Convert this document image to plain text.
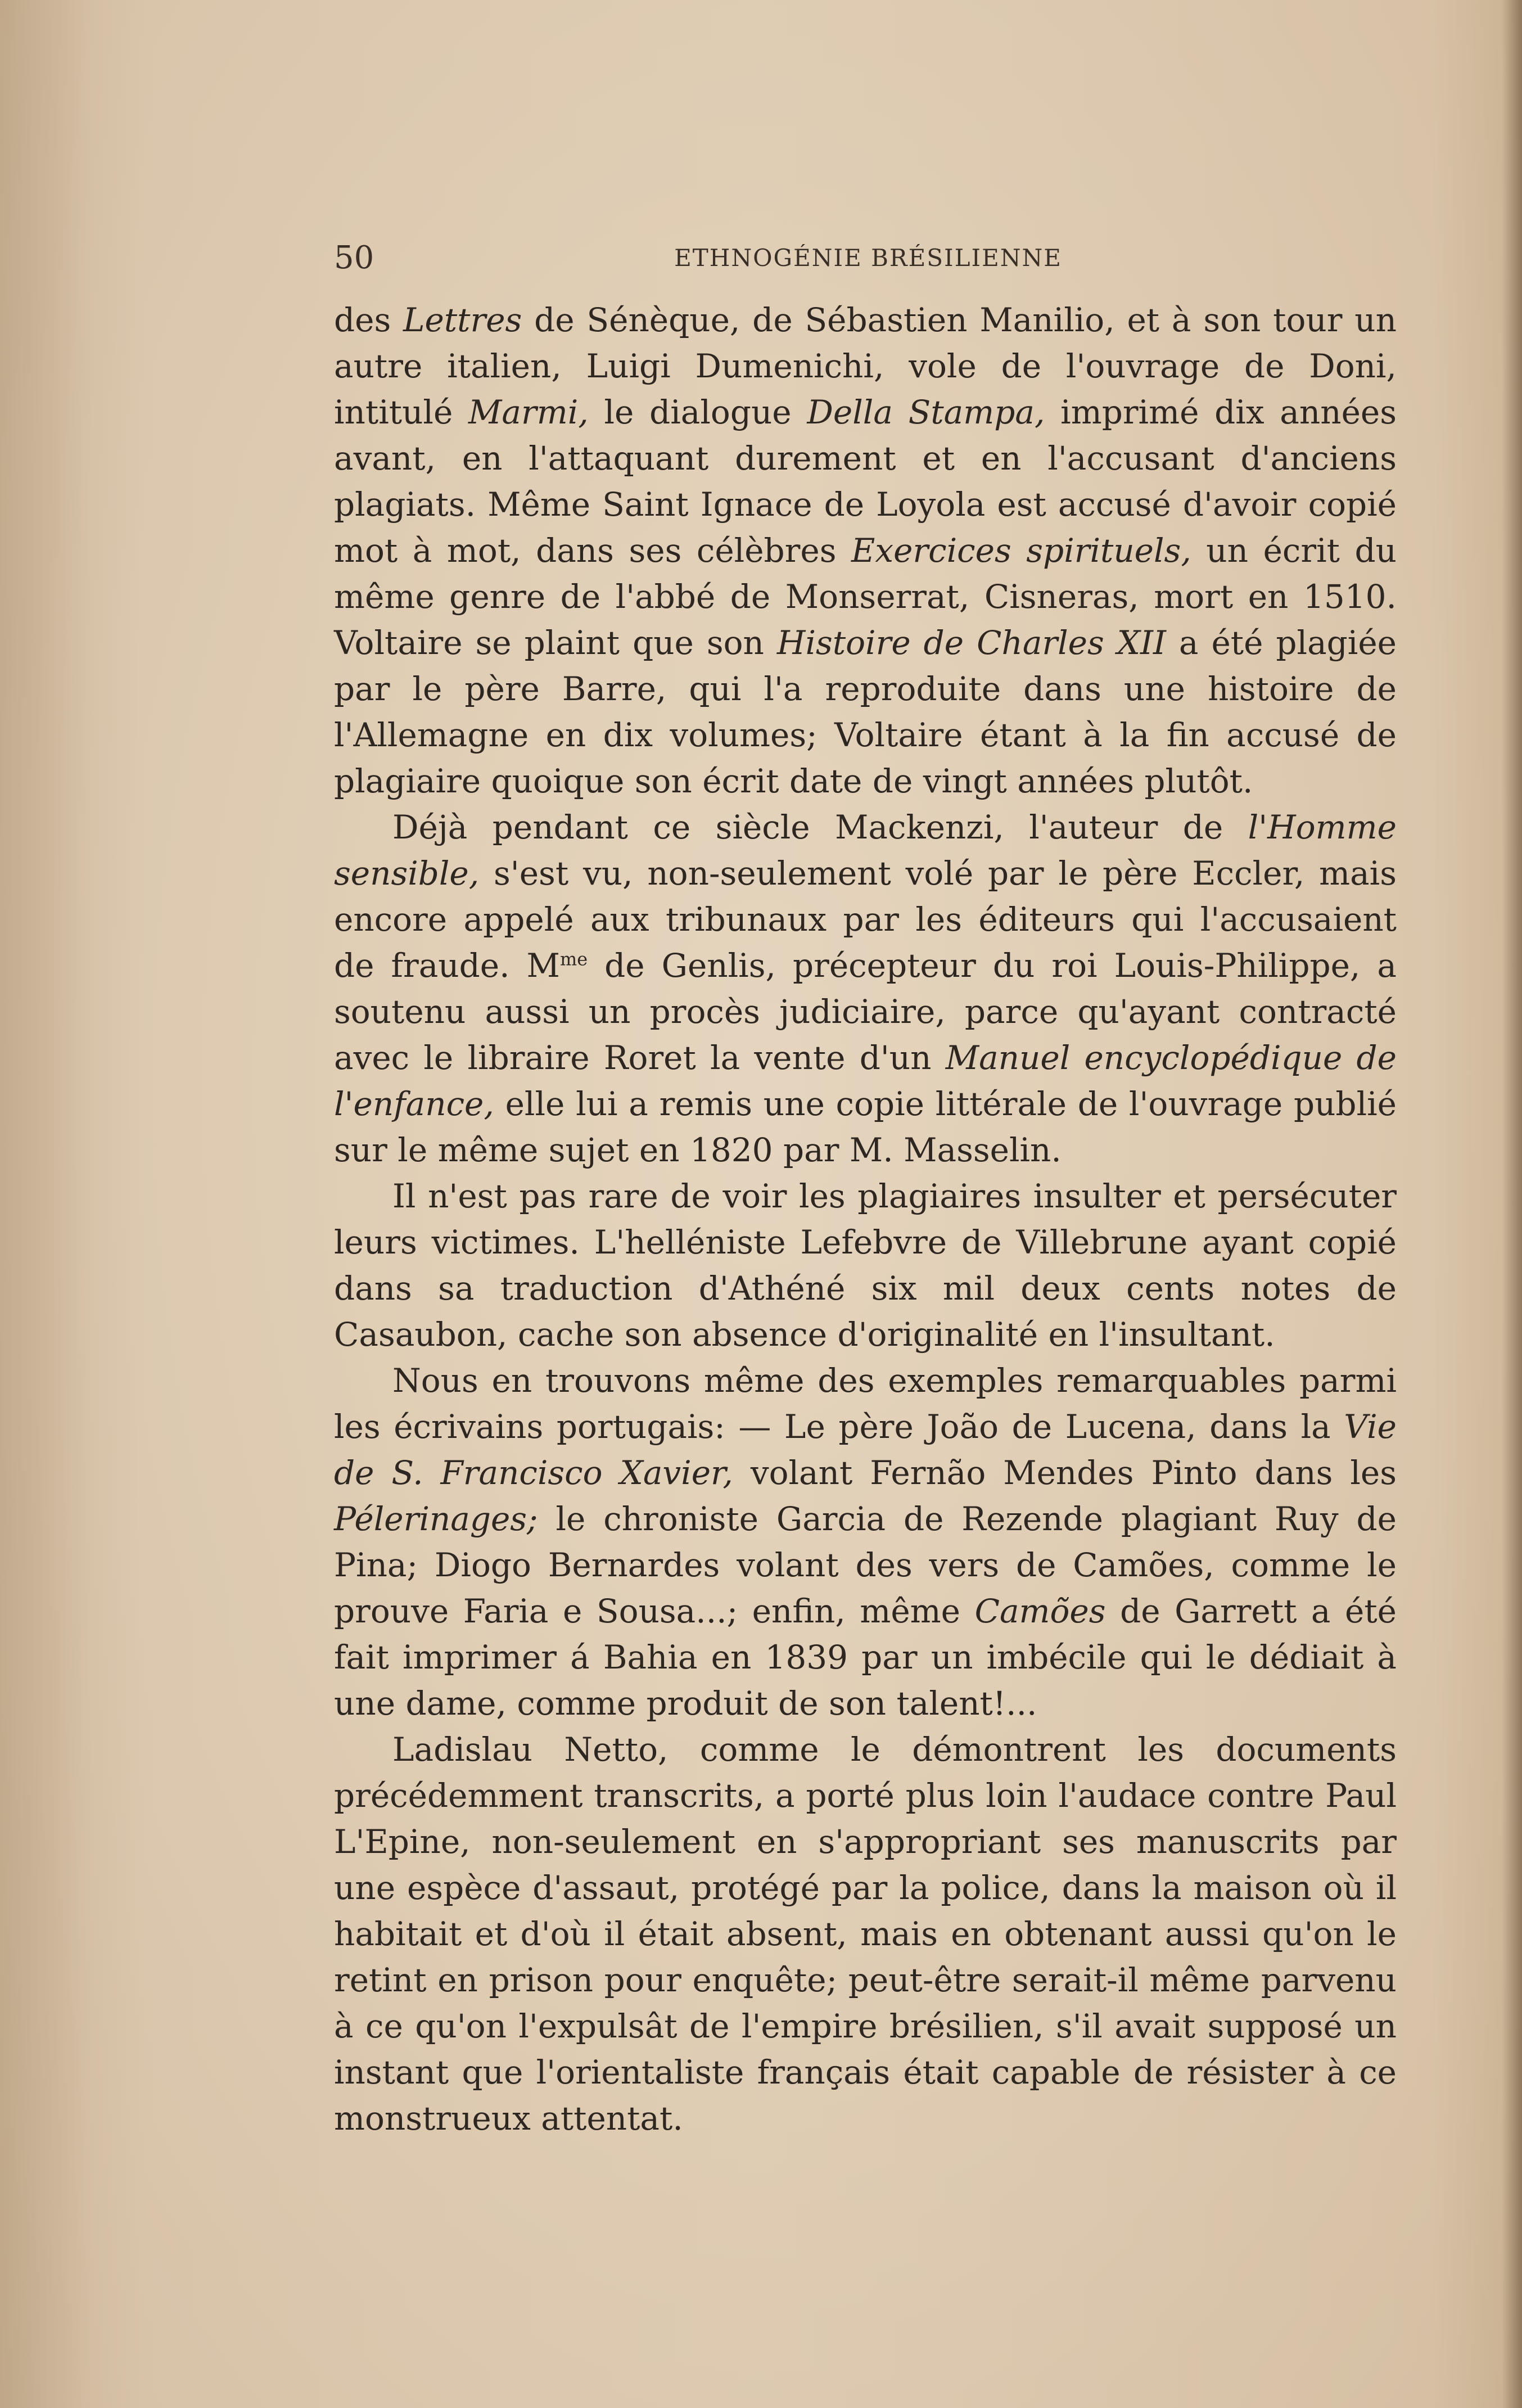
50	ETHNOGÉNIE BRÉSILIENNE

des Lettres de Sénèque, de Sébastien Manilio, et à son tour un autre italien, Luigi Dumenichi, vole de l'ouvrage de Doni, intitulé Marmi, le dialogue Della Stampa, imprimé dix années avant, en l'attaquant durement et en l'accusant d'anciens plagiats. Même Saint Ignace de Loyola est accusé d'avoir copié mot à mot, dans ses célèbres Exercices spirituels, un écrit du même genre de l'abbé de Monserrat, Cisneras, mort en 1510. Voltaire se plaint que son Histoire de Charles XII a été plagiée par le père Barre, qui l'a reproduite dans une histoire de l'Allemagne en dix volumes; Voltaire étant à la fin accusé de plagiaire quoique son écrit date de vingt années plutôt.

Déjà pendant ce siècle Mackenzi, l'auteur de l'Homme sensible, s'est vu, non-seulement volé par le père Eccler, mais encore appelé aux tribunaux par les éditeurs qui l'accusaient de fraude. $M^{me}$ de Genlis, précepteur du roi Louis-Philippe, a soutenu aussi un procès judiciaire, parce qu'ayant contracté avec le libraire Roret la vente d'un Manuel encyclopédique de l'enfance, elle lui a remis une copie littérale de l'ouvrage publié sur le même sujet en 1820 par M. Masselin.

Il n'est pas rare de voir les plagiaires insulter et persécuter leurs victimes. L'helléniste Lefebvre de Villebrune ayant copié dans sa traduction d'Athéné six mil deux cents notes de Casaubon, cache son absence d'originalité en l'insultant.

Nous en trouvons même des exemples remarquables parmi les écrivains portugais: — Le père João de Lucena, dans la Vie de S. Francisco Xavier, volant Fernão Mendes Pinto dans les Pélerinages; le chroniste Garcia de Rezende plagiant Ruy de Pina; Diogo Bernardes volant des vers de Camões, comme le prouve Faria e Sousa...; enfin, même Camões de Garrett a été fait imprimer á Bahia en 1839 par un imbécile qui le dédiait à une dame, comme produit de son talent!...

Ladislau Netto, comme le démontrent les documents précédemment transcrits, a porté plus loin l'audace contre Paul L'Epine, non-seulement en s'appropriant ses manuscrits par une espèce d'assaut, protégé par la police, dans la maison où il habitait et d'où il était absent, mais en obtenant aussi qu'on le retint en prison pour enquête; peut-être serait-il même parvenu à ce qu'on l'expulsât de l'empire brésilien, s'il avait supposé un instant que l'orientaliste français était capable de résister à ce monstrueux attentat.
